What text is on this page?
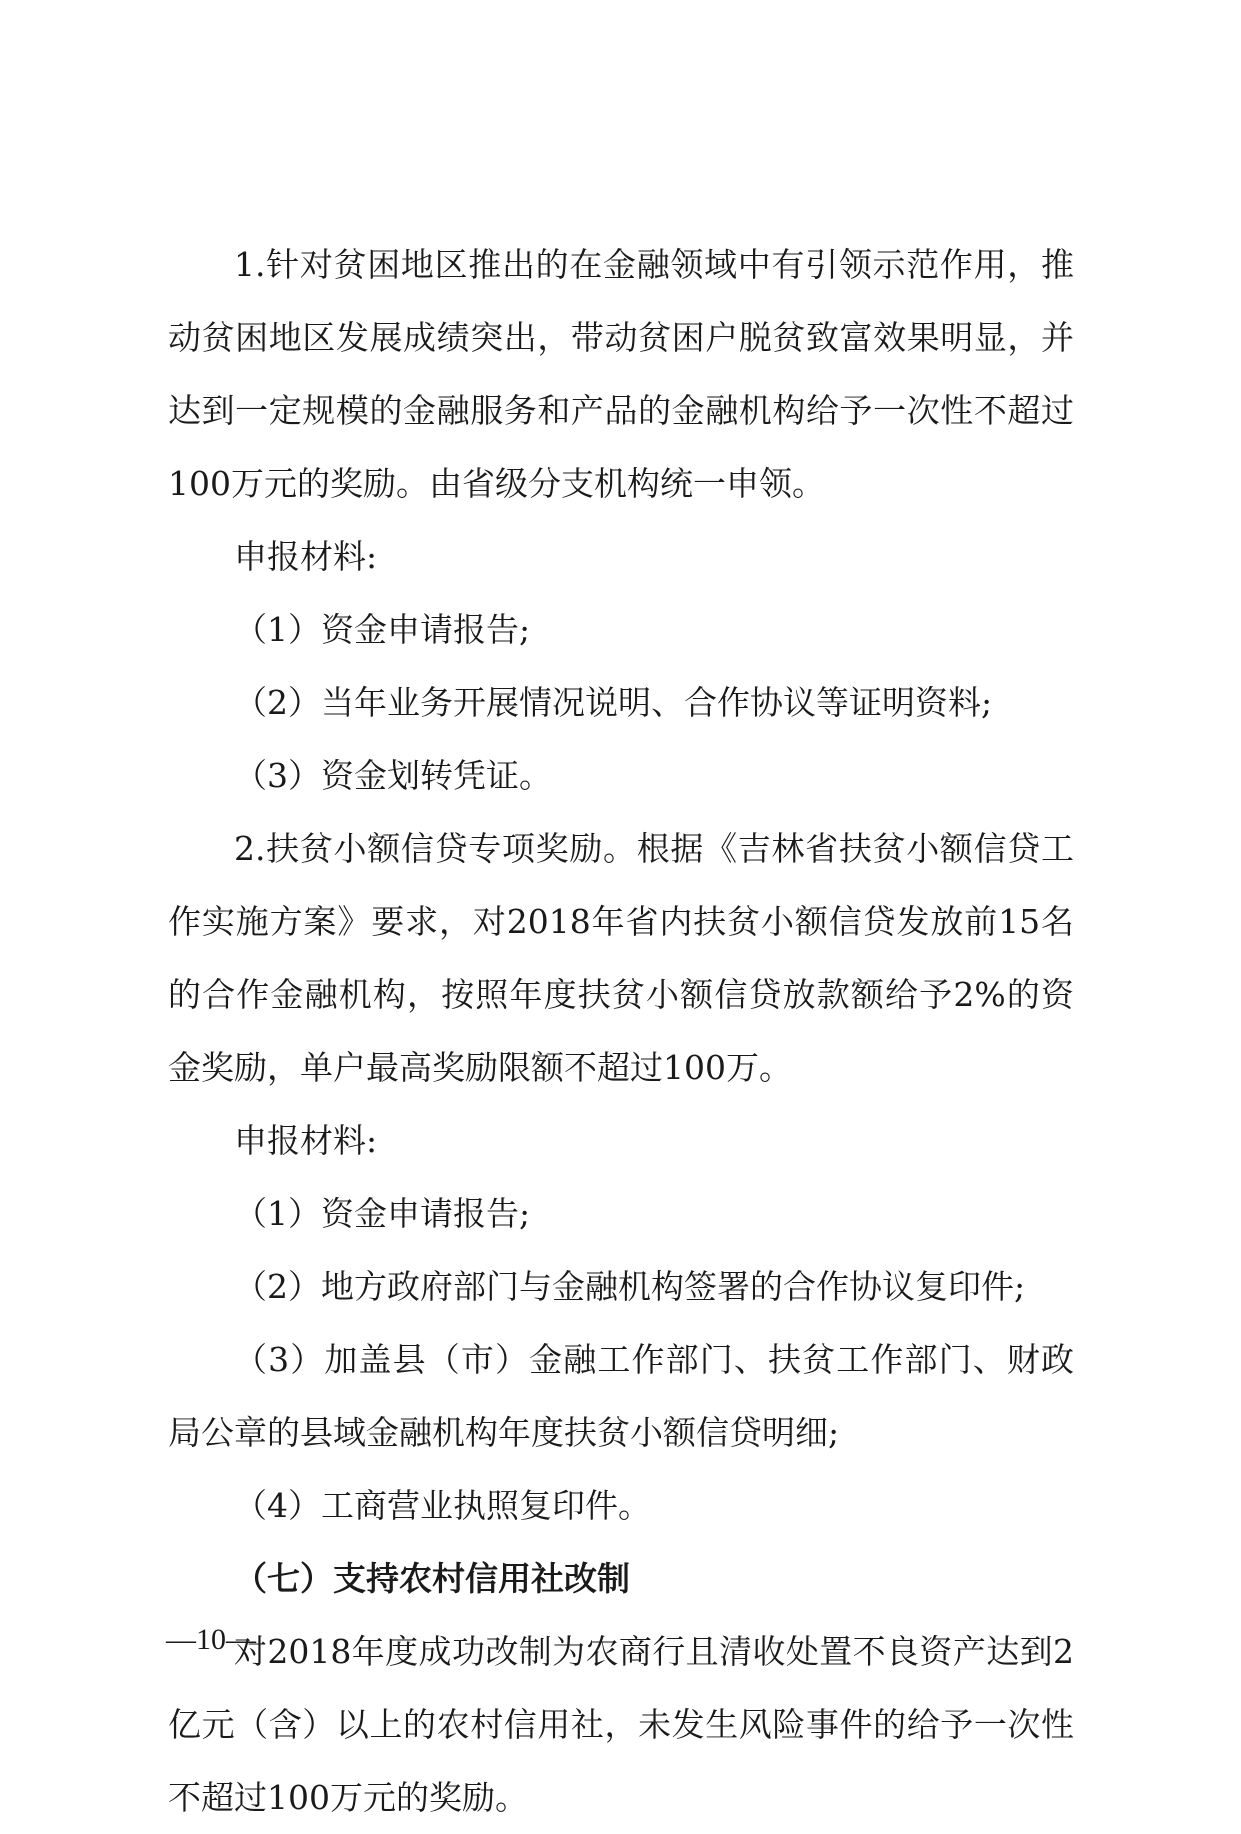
1.针对贫困地区推出的在金融领域中有引领示范作用，推动贫困地区发展成绩突出，带动贫困户脱贫致富效果明显，并达到一定规模的金融服务和产品的金融机构给予一次性不超过100万元的奖励。由省级分支机构统一申领。

申报材料:

（1）资金申请报告;

（2）当年业务开展情况说明、合作协议等证明资料;

（3）资金划转凭证。

2.扶贫小额信贷专项奖励。根据《吉林省扶贫小额信贷工作实施方案》要求，对2018年省内扶贫小额信贷发放前15名的合作金融机构，按照年度扶贫小额信贷放款额给予2%的资金奖励，单户最高奖励限额不超过100万。

申报材料:

（1）资金申请报告;

（2）地方政府部门与金融机构签署的合作协议复印件;

（3）加盖县（市）金融工作部门、扶贫工作部门、财政局公章的县域金融机构年度扶贫小额信贷明细;

（4）工商营业执照复印件。

（七）支持农村信用社改制

对2018年度成功改制为农商行且清收处置不良资产达到2亿元（含）以上的农村信用社，未发生风险事件的给予一次性不超过100万元的奖励。

—10—
